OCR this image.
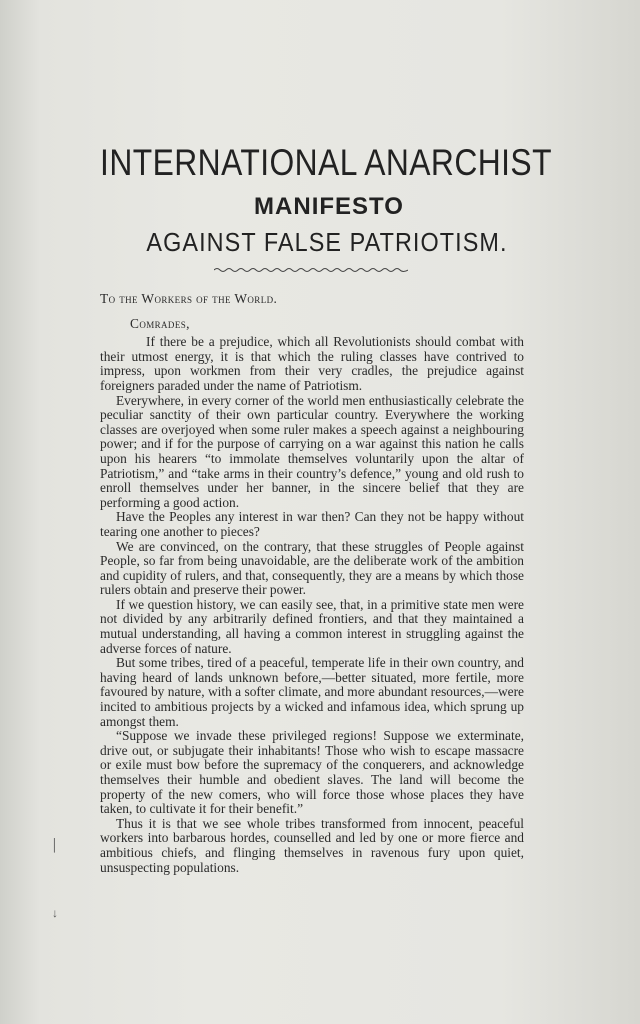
INTERNATIONAL ANARCHIST
MANIFESTO
AGAINST FALSE PATRIOTISM.
To the Workers of the World.
Comrades,

If there be a prejudice, which all Revolutionists should combat with their utmost energy, it is that which the ruling classes have contrived to impress, upon workmen from their very cradles, the prejudice against foreigners paraded under the name of Patriotism.

Everywhere, in every corner of the world men enthusiastically celebrate the peculiar sanctity of their own particular country. Everywhere the working classes are overjoyed when some ruler makes a speech against a neighbouring power; and if for the purpose of carrying on a war against this nation he calls upon his hearers “to immolate themselves voluntarily upon the altar of Patriotism,” and “take arms in their country’s defence,” young and old rush to enroll themselves under her banner, in the sincere belief that they are performing a good action.

Have the Peoples any interest in war then? Can they not be happy without tearing one another to pieces?

We are convinced, on the contrary, that these struggles of People against People, so far from being unavoidable, are the deliberate work of the ambition and cupidity of rulers, and that, consequently, they are a means by which those rulers obtain and preserve their power.

If we question history, we can easily see, that, in a primitive state men were not divided by any arbitrarily defined frontiers, and that they maintained a mutual understanding, all having a common interest in struggling against the adverse forces of nature.

But some tribes, tired of a peaceful, temperate life in their own country, and having heard of lands unknown before,—better situated, more fertile, more favoured by nature, with a softer climate, and more abundant resources,—were incited to ambitious projects by a wicked and infamous idea, which sprung up amongst them.

“Suppose we invade these privileged regions! Suppose we exterminate, drive out, or subjugate their inhabitants! Those who wish to escape massacre or exile must bow before the supremacy of the conquerers, and acknowledge themselves their humble and obedient slaves. The land will become the property of the new comers, who will force those whose places they have taken, to cultivate it for their benefit.”

Thus it is that we see whole tribes transformed from innocent, peaceful workers into barbarous hordes, counselled and led by one or more fierce and ambitious chiefs, and flinging themselves in ravenous fury upon quiet, unsuspecting populations.

│
↓
